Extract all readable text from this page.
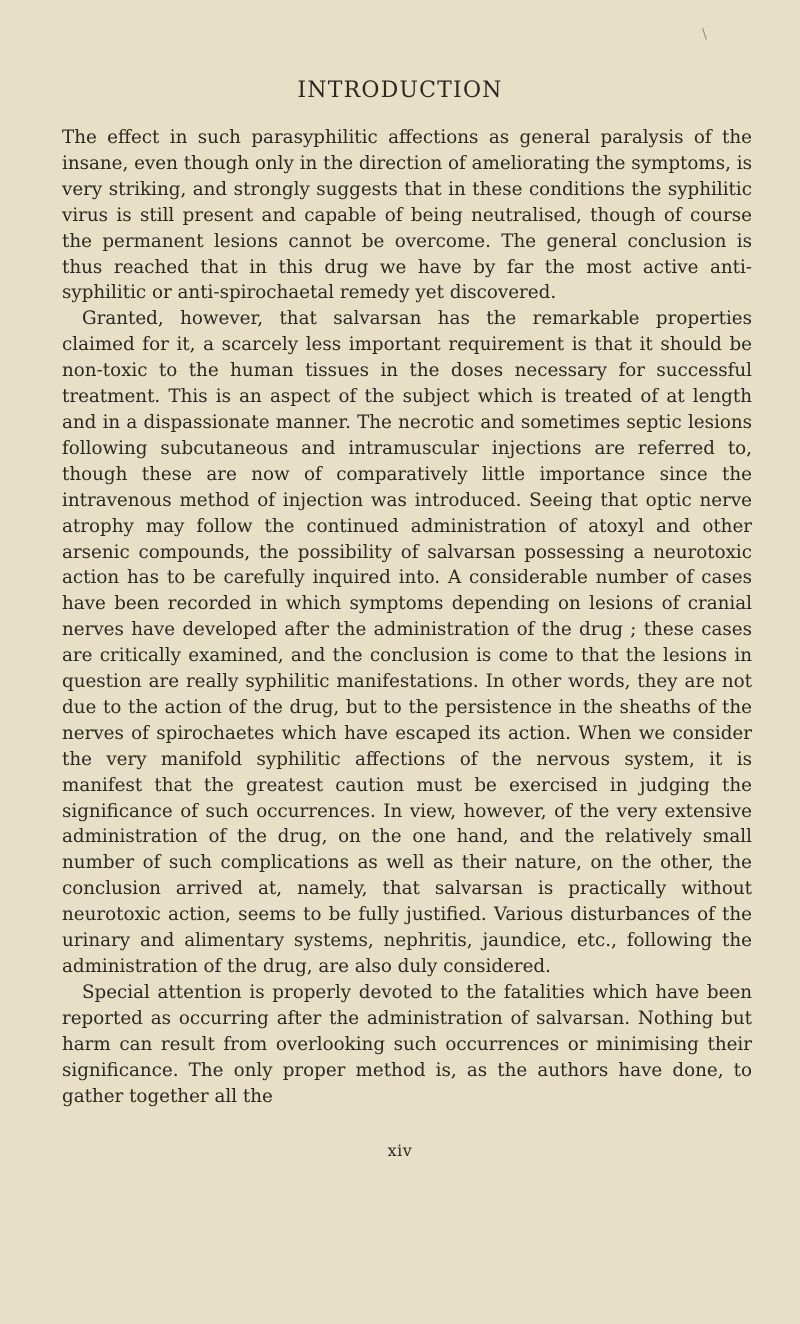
INTRODUCTION

The effect in such parasyphilitic affections as general paralysis of the insane, even though only in the direction of ameliorating the symptoms, is very striking, and strongly suggests that in these conditions the syphilitic virus is still present and capable of being neutralised, though of course the permanent lesions cannot be overcome. The general conclusion is thus reached that in this drug we have by far the most active anti-syphilitic or anti-spirochaetal remedy yet discovered.

Granted, however, that salvarsan has the remarkable properties claimed for it, a scarcely less important requirement is that it should be non-toxic to the human tissues in the doses necessary for successful treatment. This is an aspect of the subject which is treated of at length and in a dispassionate manner. The necrotic and sometimes septic lesions following subcutaneous and intramuscular injections are referred to, though these are now of comparatively little importance since the intravenous method of injection was introduced. Seeing that optic nerve atrophy may follow the continued administration of atoxyl and other arsenic compounds, the possibility of salvarsan possessing a neurotoxic action has to be carefully inquired into. A considerable number of cases have been recorded in which symptoms depending on lesions of cranial nerves have developed after the administration of the drug ; these cases are critically examined, and the conclusion is come to that the lesions in question are really syphilitic manifestations. In other words, they are not due to the action of the drug, but to the persistence in the sheaths of the nerves of spirochaetes which have escaped its action. When we consider the very manifold syphilitic affections of the nervous system, it is manifest that the greatest caution must be exercised in judging the significance of such occurrences. In view, however, of the very extensive administration of the drug, on the one hand, and the relatively small number of such complications as well as their nature, on the other, the conclusion arrived at, namely, that salvarsan is practically without neurotoxic action, seems to be fully justified. Various disturbances of the urinary and alimentary systems, nephritis, jaundice, etc., following the administration of the drug, are also duly considered.

Special attention is properly devoted to the fatalities which have been reported as occurring after the administration of salvarsan. Nothing but harm can result from overlooking such occurrences or minimising their significance. The only proper method is, as the authors have done, to gather together all the

xiv
